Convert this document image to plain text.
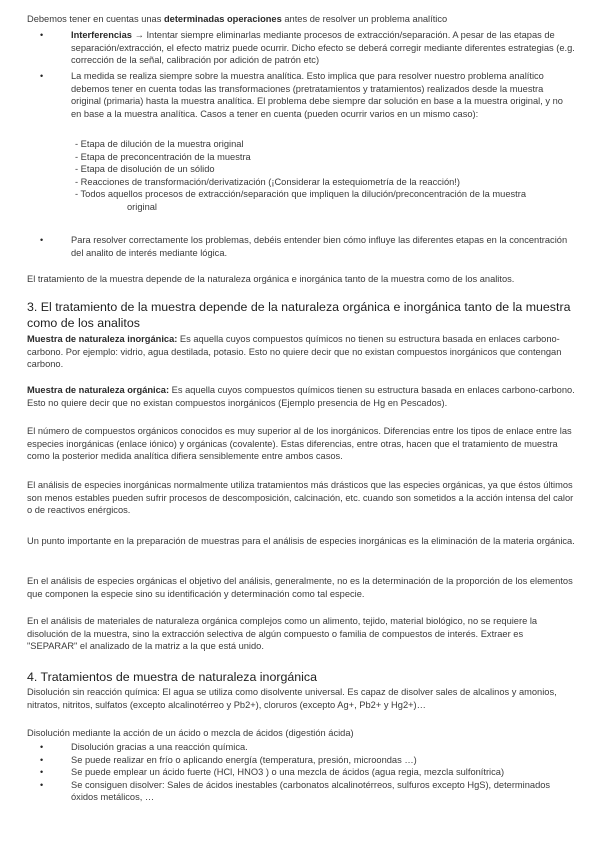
Debemos tener en cuentas unas determinadas operaciones antes de resolver un problema analítico

•	Interferencias → Intentar siempre eliminarlas mediante procesos de extracción/separación. A pesar de las etapas de separación/extracción, el efecto matriz puede ocurrir. Dicho efecto se deberá corregir mediante diferentes estrategias (e.g. corrección de la señal, calibración por adición de patrón etc)
•	La medida se realiza siempre sobre la muestra analítica. Esto implica que para resolver nuestro problema analítico debemos tener en cuenta todas las transformaciones (pretratamientos y tratamientos) realizados desde la muestra original (primaria) hasta la muestra analítica. El problema debe siempre dar solución en base a la muestra original, y no en base a la muestra analítica. Casos a tener en cuenta (pueden ocurrir varios en un mismo caso):
- Etapa de dilución de la muestra original
- Etapa de preconcentración de la muestra
- Etapa de disolución de un sólido
- Reacciones de transformación/derivatización (¡Considerar la estequiometría de la reacción!)
- Todos aquellos procesos de extracción/separación que impliquen la dilución/preconcentración de la muestra
original
•	Para resolver correctamente los problemas, debéis entender bien cómo influye las diferentes etapas en la concentración del analito de interés mediante lógica.

El tratamiento de la muestra depende de la naturaleza orgánica e inorgánica tanto de la muestra como de los analitos.

3. El tratamiento de la muestra depende de la naturaleza orgánica e inorgánica tanto de la muestra como de los analitos

Muestra de naturaleza inorgánica: Es aquella cuyos compuestos químicos no tienen su estructura basada en enlaces carbono-carbono. Por ejemplo: vidrio, agua destilada, potasio. Esto no quiere decir que no existan compuestos inorgánicos que contengan carbono.

Muestra de naturaleza orgánica: Es aquella cuyos compuestos químicos tienen su estructura basada en enlaces carbono-carbono. Esto no quiere decir que no existan compuestos inorgánicos (Ejemplo presencia de Hg en Pescados).

El número de compuestos orgánicos conocidos es muy superior al de los inorgánicos. Diferencias entre los tipos de enlace entre las especies inorgánicas (enlace iónico) y orgánicas (covalente). Estas diferencias, entre otras, hacen que el tratamiento de muestra como la posterior medida analítica difiera sensiblemente entre ambos casos.

El análisis de especies inorgánicas normalmente utiliza tratamientos más drásticos que las especies orgánicas, ya que éstos últimos son menos estables pueden sufrir procesos de descomposición, calcinación, etc. cuando son sometidos a la acción intensa del calor o de reactivos enérgicos.

Un punto importante en la preparación de muestras para el análisis de especies inorgánicas es la eliminación de la materia orgánica.

En el análisis de especies orgánicas el objetivo del análisis, generalmente, no es la determinación de la proporción de los elementos que componen la especie sino su identificación y determinación como tal especie.

En el análisis de materiales de naturaleza orgánica complejos como un alimento, tejido, material biológico, no se requiere la disolución de la muestra, sino la extracción selectiva de algún compuesto o familia de compuestos de interés. Extraer es "SEPARAR" el analizado de la matriz a la que está unido.

4. Tratamientos de muestra de naturaleza inorgánica

Disolución sin reacción química: El agua se utiliza como disolvente universal. Es capaz de disolver sales de alcalinos y amonios, nitratos, nitritos, sulfatos (excepto alcalinotérreo y Pb2+), cloruros (excepto Ag+, Pb2+ y Hg2+)…

Disolución mediante la acción de un ácido o mezcla de ácidos (digestión ácida)

•	Disolución gracias a una reacción química.
•	Se puede realizar en frío o aplicando energía (temperatura, presión, microondas …)
•	Se puede emplear un ácido fuerte (HCl, HNO3 ) o una mezcla de ácidos (agua regia, mezcla sulfonítrica)
•	Se consiguen disolver: Sales de ácidos inestables (carbonatos alcalinotérreos, sulfuros excepto HgS), determinados óxidos metálicos, …
